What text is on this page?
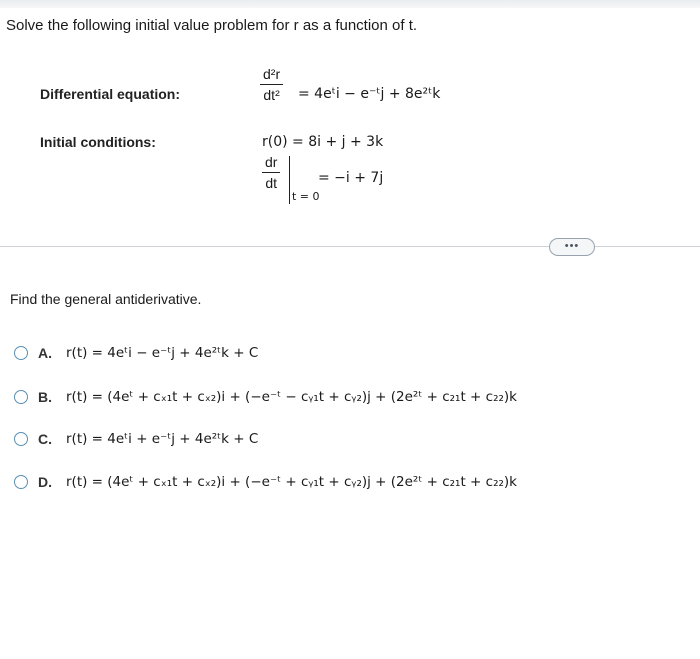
Solve the following initial value problem for r as a function of t.
Differential equation:
d²r
dt² = 4eᵗi − e⁻ᵗj + 8e²ᵗk
Initial conditions:	r(0) = 8i + j + 3k
dr
dt
t = 0
= −i + 7j
•••
Find the general antiderivative.
A.	r(t) = 4eᵗi − e⁻ᵗj + 4e²ᵗk + C
B.	r(t) = (4eᵗ + cₓ₁t + cₓ₂)i + (−e⁻ᵗ − cᵧ₁t + cᵧ₂)j + (2e²ᵗ + c₂₁t + c₂₂)k
C.	r(t) = 4eᵗi + e⁻ᵗj + 4e²ᵗk + C
D.	r(t) = (4eᵗ + cₓ₁t + cₓ₂)i + (−e⁻ᵗ + cᵧ₁t + cᵧ₂)j + (2e²ᵗ + c₂₁t + c₂₂)k
